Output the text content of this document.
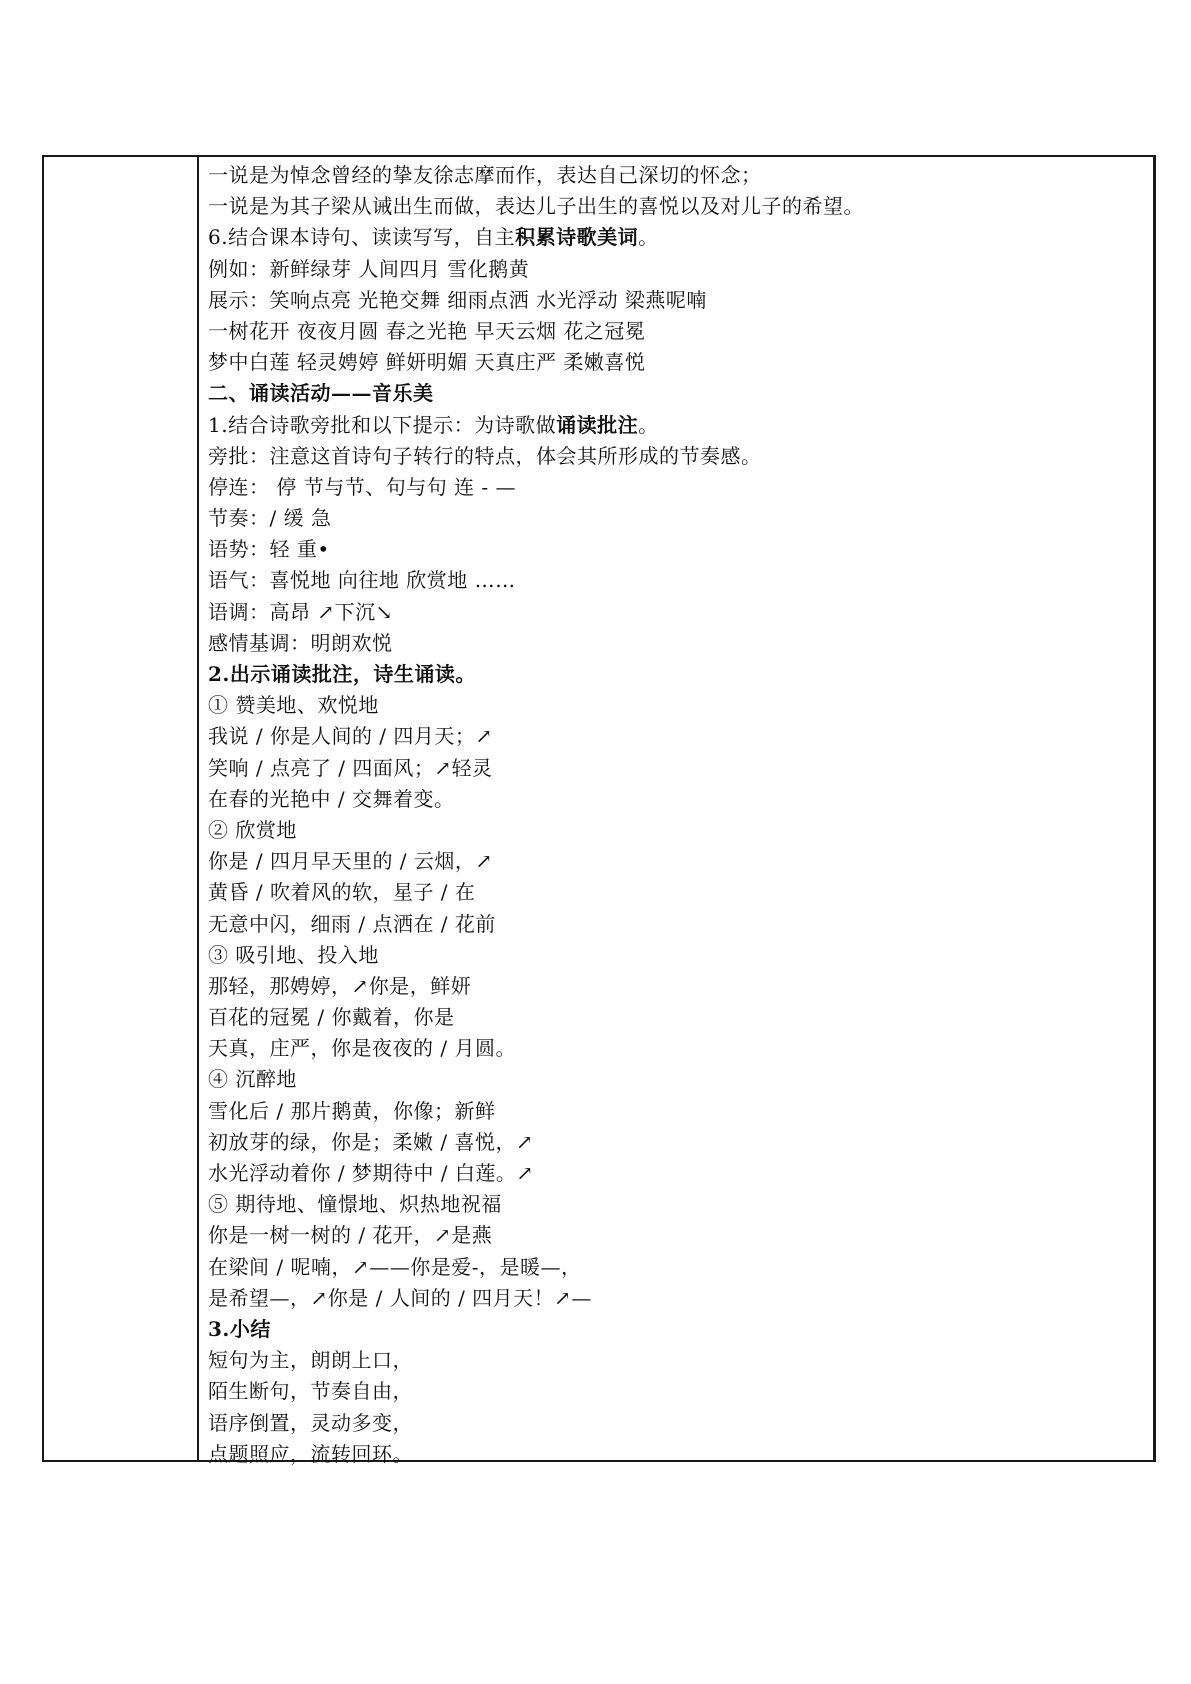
一说是为悼念曾经的挚友徐志摩而作，表达自己深切的怀念；
一说是为其子梁从诫出生而做，表达儿子出生的喜悦以及对儿子的希望。
6.结合课本诗句、读读写写，自主积累诗歌美词。
例如：新鲜绿芽 人间四月 雪化鹅黄
展示：笑响点亮 光艳交舞 细雨点洒 水光浮动 梁燕呢喃
一树花开 夜夜月圆 春之光艳 早天云烟 花之冠冕
梦中白莲 轻灵娉婷 鲜妍明媚 天真庄严 柔嫩喜悦
二、诵读活动——音乐美
1.结合诗歌旁批和以下提示：为诗歌做诵读批注。
旁批：注意这首诗句子转行的特点，体会其所形成的节奏感。
停连： 停 节与节、句与句 连 - —
节奏：/ 缓 急
语势：轻 重•
语气：喜悦地 向往地 欣赏地 ……
语调：高昂 ↗下沉↘
感情基调：明朗欢悦
2.出示诵读批注，诗生诵读。
① 赞美地、欢悦地
我说 / 你是人间的 / 四月天；↗
笑响 / 点亮了 / 四面风；↗轻灵
在春的光艳中 / 交舞着变。
② 欣赏地
你是 / 四月早天里的 / 云烟，↗
黄昏 / 吹着风的软，星子 / 在
无意中闪，细雨 / 点洒在 / 花前
③ 吸引地、投入地
那轻，那娉婷，↗你是，鲜妍
百花的冠冕 / 你戴着，你是
天真，庄严，你是夜夜的 / 月圆。
④ 沉醉地
雪化后 / 那片鹅黄，你像；新鲜
初放芽的绿，你是；柔嫩 / 喜悦，↗
水光浮动着你 / 梦期待中 / 白莲。↗
⑤ 期待地、憧憬地、炽热地祝福
你是一树一树的 / 花开，↗是燕
在梁间 / 呢喃，↗——你是爱-，是暖—，
是希望—，↗你是 / 人间的 / 四月天！↗—
3.小结
短句为主，朗朗上口，
陌生断句，节奏自由，
语序倒置，灵动多变，
点题照应，流转回环。
